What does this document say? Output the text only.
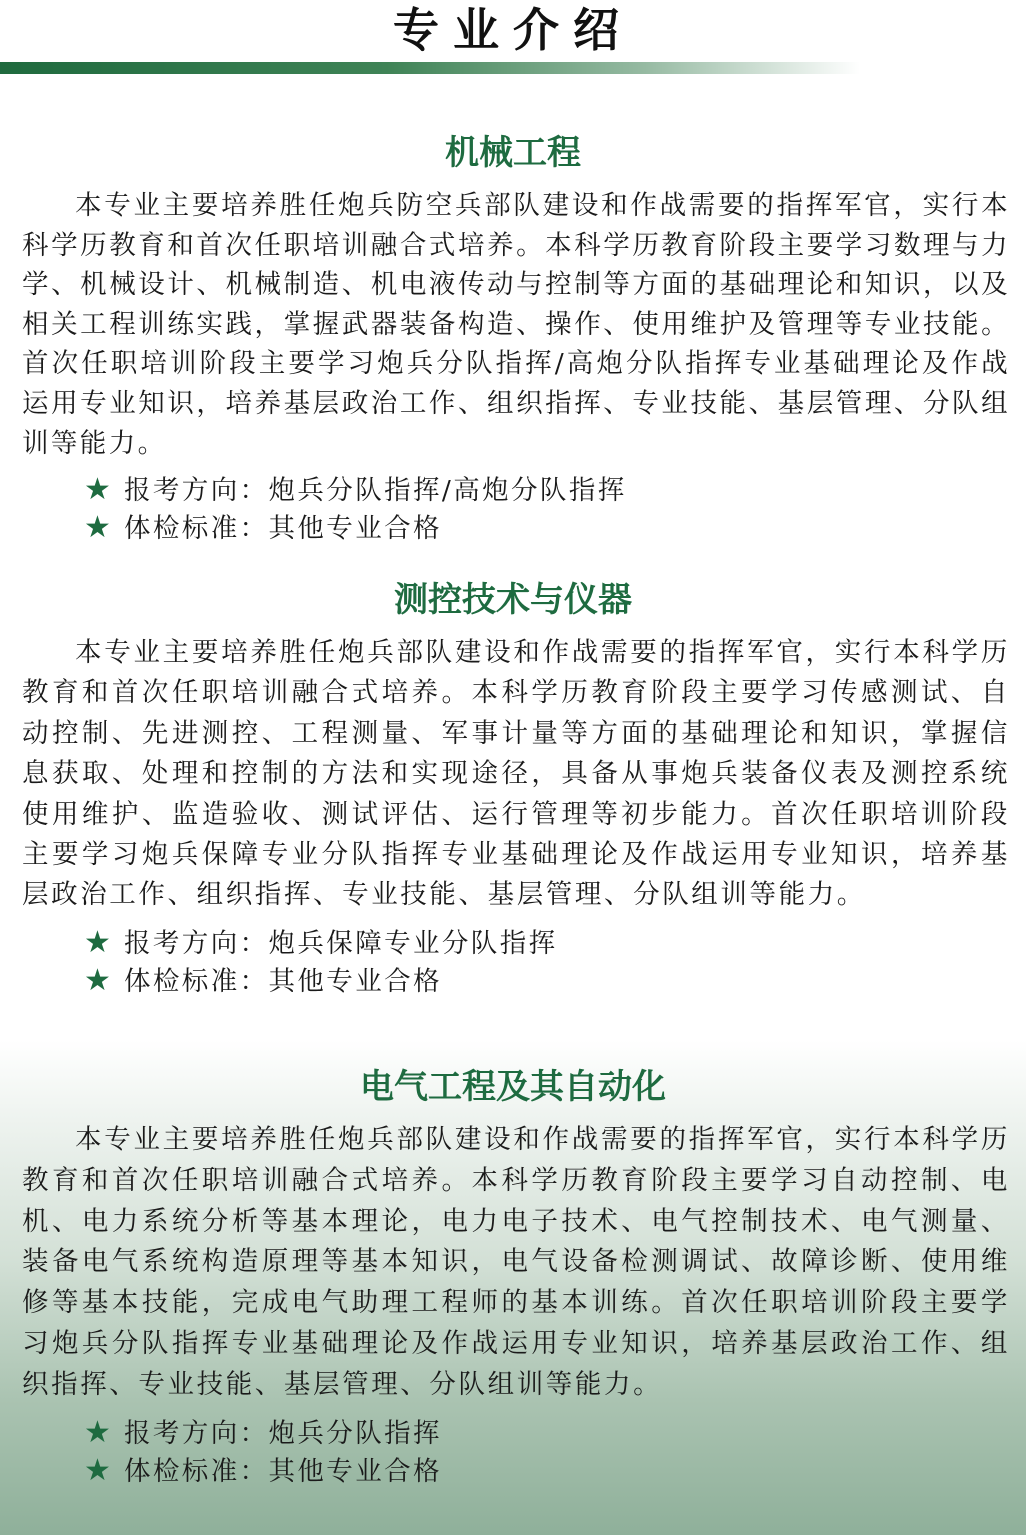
专业介绍
机械工程

本专业主要培养胜任炮兵防空兵部队建设和作战需要的指挥军官，实行本科学历教育和首次任职培训融合式培养。本科学历教育阶段主要学习数理与力学、机械设计、机械制造、机电液传动与控制等方面的基础理论和知识，以及相关工程训练实践，掌握武器装备构造、操作、使用维护及管理等专业技能。首次任职培训阶段主要学习炮兵分队指挥/高炮分队指挥专业基础理论及作战运用专业知识，培养基层政治工作、组织指挥、专业技能、基层管理、分队组训等能力。

★ 报考方向：炮兵分队指挥/高炮分队指挥
★ 体检标准：其他专业合格
测控技术与仪器

本专业主要培养胜任炮兵部队建设和作战需要的指挥军官，实行本科学历教育和首次任职培训融合式培养。本科学历教育阶段主要学习传感测试、自动控制、先进测控、工程测量、军事计量等方面的基础理论和知识，掌握信息获取、处理和控制的方法和实现途径，具备从事炮兵装备仪表及测控系统使用维护、监造验收、测试评估、运行管理等初步能力。首次任职培训阶段主要学习炮兵保障专业分队指挥专业基础理论及作战运用专业知识，培养基层政治工作、组织指挥、专业技能、基层管理、分队组训等能力。

★ 报考方向：炮兵保障专业分队指挥
★ 体检标准：其他专业合格
电气工程及其自动化

本专业主要培养胜任炮兵部队建设和作战需要的指挥军官，实行本科学历教育和首次任职培训融合式培养。本科学历教育阶段主要学习自动控制、电机、电力系统分析等基本理论，电力电子技术、电气控制技术、电气测量、装备电气系统构造原理等基本知识，电气设备检测调试、故障诊断、使用维修等基本技能，完成电气助理工程师的基本训练。首次任职培训阶段主要学习炮兵分队指挥专业基础理论及作战运用专业知识，培养基层政治工作、组织指挥、专业技能、基层管理、分队组训等能力。

★ 报考方向：炮兵分队指挥
★ 体检标准：其他专业合格
